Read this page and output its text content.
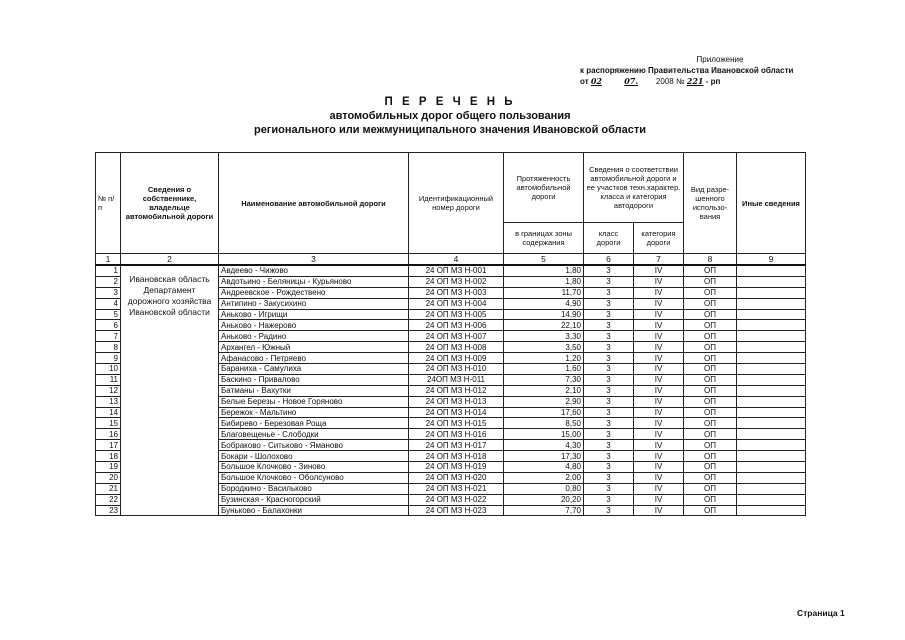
Приложение
к распоряжению Правительства Ивановской области
от 02	07. 2008 № 221 - рп
П Е Р Е Ч Е Н Ь
автомобильных дорог общего пользования
регионального или межмуниципального значения Ивановской области
№ п/п	Сведения о собственнике, владельце автомобильной дороги	Наименование автомобильной дороги	Идентификационный номер дороги	Протяженность автомобильной дороги	Сведения о соответствии автомобильной дороги и ее участков техн.характер. класса и категория автодороги		Вид разре-шенного использо-вания	Иные сведения
				в границах зоны содержания	класс дороги	категория дороги		
1	2	3	4	5	6	7	8	9
1	Ивановская область Департамент дорожного хозяйства Ивановской области	Авдеево - Чижово	24 ОП МЗ Н-001	1,80	3	IV	ОП	
2		Авдотьино - Беляницы - Курьяново	24 ОП МЗ Н-002	1,80	3	IV	ОП	
3		Андреевское - Рождествено	24 ОП МЗ Н-003	11,70	3	IV	ОП	
4		Антипино - Закусихино	24 ОП МЗ Н-004	4,90	3	IV	ОП	
5		Аньково - Игрищи	24 ОП МЗ Н-005	14,90	3	IV	ОП	
6		Аньково - Нажерово	24 ОП МЗ Н-006	22,10	3	IV	ОП	
7		Аньково - Радино	24 ОП МЗ Н-007	3,30	3	IV	ОП	
8		Архангел - Южный	24 ОП МЗ Н-008	3,50	3	IV	ОП	
9		Афанасово - Петряево	24 ОП МЗ Н-009	1,20	3	IV	ОП	
10		Бараниха - Самулиха	24 ОП МЗ Н-010	1,60	3	IV	ОП	
11		Баскино - Привалово	24ОП МЗ Н-011	7,30	3	IV	ОП	
12		Батманы - Вахутки	24 ОП МЗ Н-012	2,10	3	IV	ОП	
13		Белые Березы - Новое Горяново	24 ОП МЗ Н-013	2,90	3	IV	ОП	
14		Бережок - Мальтино	24 ОП МЗ Н-014	17,60	3	IV	ОП	
15		Бибирево - Березовая Роща	24 ОП МЗ Н-015	8,50	3	IV	ОП	
16		Благовещенье - Слободки	24 ОП МЗ Н-016	15,00	3	IV	ОП	
17		Бобраково - Ситьково - Яманово	24 ОП МЗ Н-017	4,30	3	IV	ОП	
18		Бокари - Шолохово	24 ОП МЗ Н-018	17,30	3	IV	ОП	
19		Большое Клочково - Зиново	24 ОП МЗ Н-019	4,80	3	IV	ОП	
20		Большое Клочково - Оболсуново	24 ОП МЗ Н-020	2,00	3	IV	ОП	
21		Бородкино - Васильково	24 ОП МЗ Н-021	0,80	3	IV	ОП	
22		Бузинская - Красногорский	24 ОП МЗ Н-022	20,20	3	IV	ОП	
23		Буньково - Балахонки	24 ОП МЗ Н-023	7,70	3	IV	ОП	
Страница 1
